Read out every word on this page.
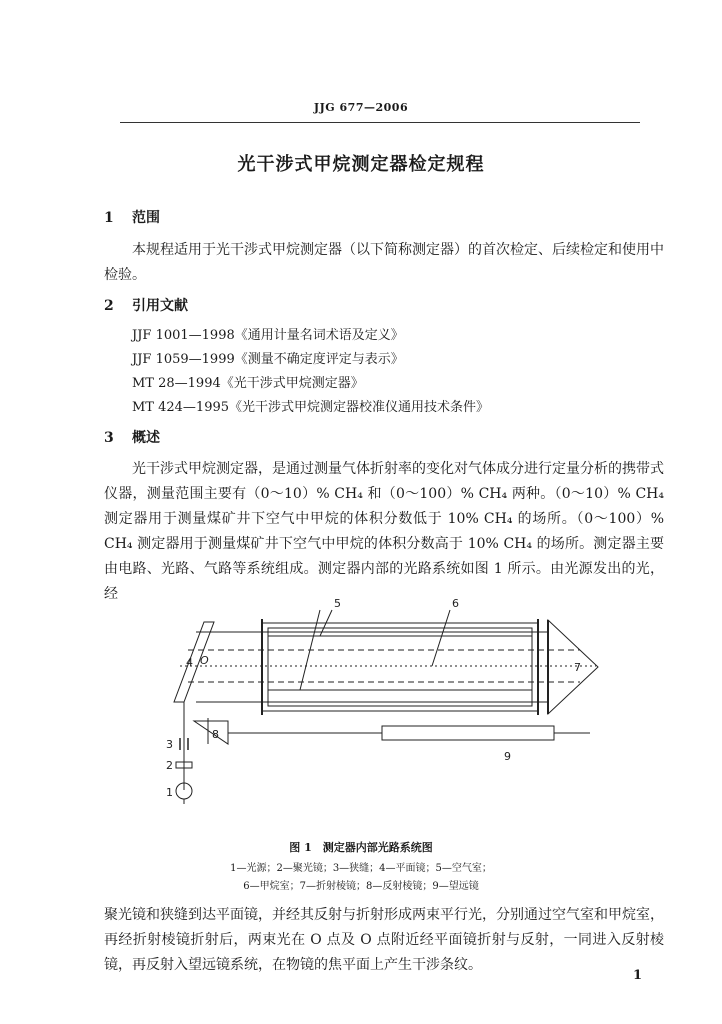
JJG 677—2006
光干涉式甲烷测定器检定规程
1 范围

本规程适用于光干涉式甲烷测定器（以下简称测定器）的首次检定、后续检定和使用中检验。

2 引用文献
JJF 1001—1998《通用计量名词术语及定义》
JJF 1059—1999《测量不确定度评定与表示》
MT 28—1994《光干涉式甲烷测定器》
MT 424—1995《光干涉式甲烷测定器校准仪通用技术条件》
3 概述

光干涉式甲烷测定器，是通过测量气体折射率的变化对气体成分进行定量分析的携带式仪器，测量范围主要有（0～10）% CH₄ 和（0～100）% CH₄ 两种。（0～10）% CH₄ 测定器用于测量煤矿井下空气中甲烷的体积分数低于 10% CH₄ 的场所。（0～100）% CH₄ 测定器用于测量煤矿井下空气中甲烷的体积分数高于 10% CH₄ 的场所。测定器主要由电路、光路、气路等系统组成。测定器内部的光路系统如图 1 所示。由光源发出的光，经

5	6
4 O
7
8
9
3
2
1
图 1　测定器内部光路系统图
1—光源；2—聚光镜；3—狭缝；4—平面镜；5—空气室；
6—甲烷室；7—折射棱镜；8—反射棱镜；9—望远镜

聚光镜和狭缝到达平面镜，并经其反射与折射形成两束平行光，分别通过空气室和甲烷室，再经折射棱镜折射后，两束光在 O 点及 O 点附近经平面镜折射与反射，一同进入反射棱镜，再反射入望远镜系统，在物镜的焦平面上产生干涉条纹。

1
